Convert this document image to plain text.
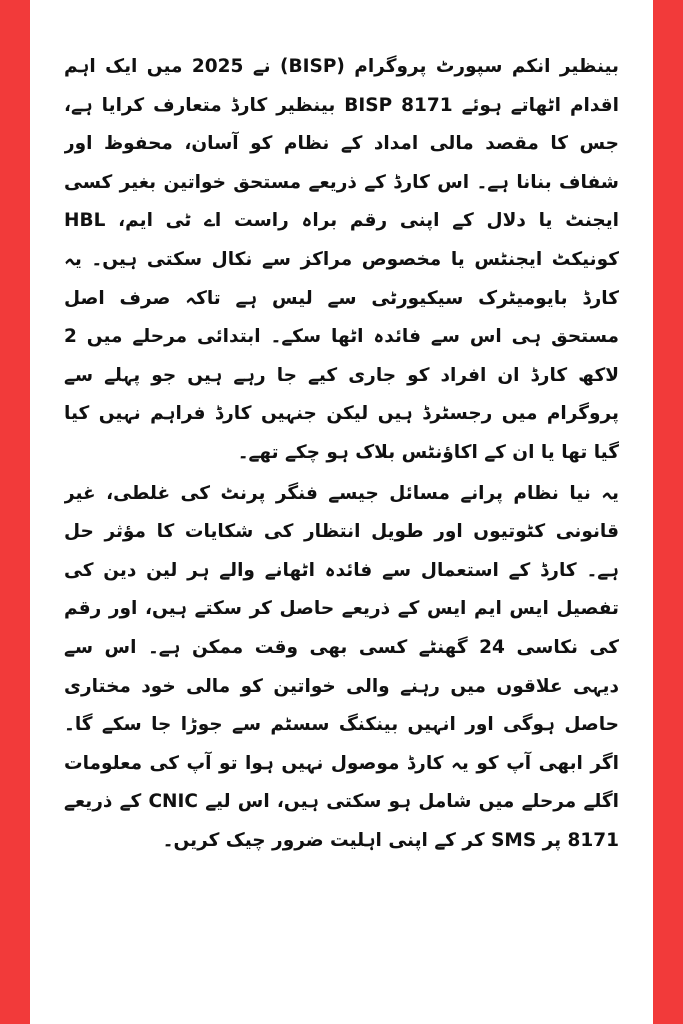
بینظیر انکم سپورٹ پروگرام (BISP) نے 2025 میں ایک اہم اقدام اٹھاتے ہوئے BISP 8171 بینظیر کارڈ متعارف کرایا ہے، جس کا مقصد مالی امداد کے نظام کو آسان، محفوظ اور شفاف بنانا ہے۔ اس کارڈ کے ذریعے مستحق خواتین بغیر کسی ایجنٹ یا دلال کے اپنی رقم براہ راست اے ٹی ایم، HBL کونیکٹ ایجنٹس یا مخصوص مراکز سے نکال سکتی ہیں۔ یہ کارڈ بایومیٹرک سیکیورٹی سے لیس ہے تاکہ صرف اصل مستحق ہی اس سے فائدہ اٹھا سکے۔ ابتدائی مرحلے میں 2 لاکھ کارڈ ان افراد کو جاری کیے جا رہے ہیں جو پہلے سے پروگرام میں رجسٹرڈ ہیں لیکن جنہیں کارڈ فراہم نہیں کیا گیا تھا یا ان کے اکاؤنٹس بلاک ہو چکے تھے۔

یہ نیا نظام پرانے مسائل جیسے فنگر پرنٹ کی غلطی، غیر قانونی کٹوتیوں اور طویل انتظار کی شکایات کا مؤثر حل ہے۔ کارڈ کے استعمال سے فائدہ اٹھانے والے ہر لین دین کی تفصیل ایس ایم ایس کے ذریعے حاصل کر سکتے ہیں، اور رقم کی نکاسی 24 گھنٹے کسی بھی وقت ممکن ہے۔ اس سے دیہی علاقوں میں رہنے والی خواتین کو مالی خود مختاری حاصل ہوگی اور انہیں بینکنگ سسٹم سے جوڑا جا سکے گا۔ اگر ابھی آپ کو یہ کارڈ موصول نہیں ہوا تو آپ کی معلومات اگلے مرحلے میں شامل ہو سکتی ہیں، اس لیے CNIC کے ذریعے 8171 پر SMS کر کے اپنی اہلیت ضرور چیک کریں۔
